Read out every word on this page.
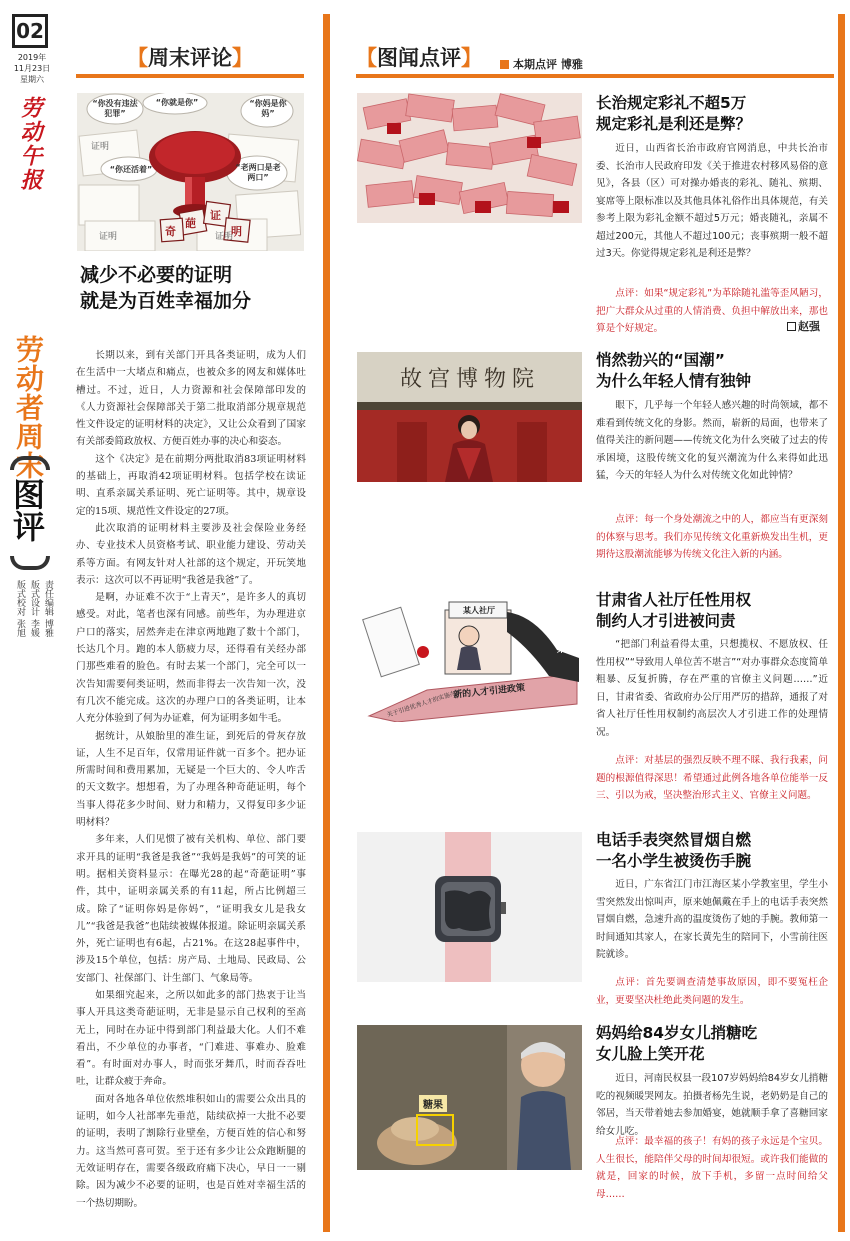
02
2019年
11月23日
星期六
劳动午报
劳动者周末
图评
责任编辑 博雅
版式设计 李媛
版式校对 张旭
【周末评论】
“你没有违法犯罪”
“你就是你”	“你妈是你妈”
“你还活着”	“老两口是老两口”
证明
证明	证明
奇
葩
证
明
减少不必要的证明
就是为百姓幸福加分
赵强

长期以来，到有关部门开具各类证明，成为人们在生活中一大堵点和痛点，也被众多的网友和媒体吐槽过。不过，近日，人力资源和社会保障部印发的《人力资源社会保障部关于第二批取消部分规章规范性文件设定的证明材料的决定》，又让公众看到了国家有关部委简政放权、方便百姓办事的决心和姿态。

这个《决定》是在前期分两批取消83项证明材料的基础上，再取消42项证明材料。包括学校在读证明、直系亲属关系证明、死亡证明等。其中，规章设定的15项、规范性文件设定的27项。

此次取消的证明材料主要涉及社会保险业务经办、专业技术人员资格考试、职业能力建设、劳动关系等方面。有网友针对人社部的这个规定，开玩笑地表示：这次可以不再证明“我爸是我爸”了。

是啊，办证难不次于“上青天”，是许多人的真切感受。对此，笔者也深有同感。前些年，为办理进京户口的落实，居然奔走在津京两地跑了数十个部门，长达几个月。跑的本人筋疲力尽，还得看有关经办部门那些难看的脸色。有时去某一个部门，完全可以一次告知需要何类证明，然而非得去一次告知一次，没有几次不能完成。这次的办理户口的各类证明，让本人充分体验到了何为办证难，何为证明多如牛毛。

据统计，从娘胎里的准生证，到死后的骨灰存放证，人生不足百年，仅常用证件就一百多个。把办证所需时间和费用累加，无疑是一个巨大的、令人咋舌的天文数字。想想看，为了办理各种奇葩证明，每个当事人得花多少时间、财力和精力，又得复印多少证明材料？

多年来，人们见惯了被有关机构、单位、部门要求开具的证明“我爸是我爸”“我妈是我妈”的可笑的证明。据相关资料显示：在曝光28的起“奇葩证明”事件，其中，证明亲属关系的有11起，所占比例超三成。除了“证明你妈是你妈”，“证明我女儿是我女儿”“我爸是我爸”也陆续被媒体报道。除证明亲属关系外，死亡证明也有6起，占21%。在这28起事件中，涉及15个单位，包括：房产局、土地局、民政局、公安部门、社保部门、计生部门、气象局等。

如果细究起来，之所以如此多的部门热衷于让当事人开具这类奇葩证明，无非是显示自己权利的至高无上，同时在办证中得到部门利益最大化。人们不难看出，不少单位的办事者，“门难进、事难办、脸难看”。有时面对办事人，时而张牙舞爪，时而吞吞吐吐，让群众疲于奔命。

面对各地各单位依然堆积如山的需要公众出具的证明，如今人社部率先垂范，陆续砍掉一大批不必要的证明，表明了割除行业壁垒，方便百姓的信心和努力。这当然可喜可贺。至于还有多少让公众跑断腿的无效证明存在，需要各级政府痛下决心，早日一一剔除。因为减少不必要的证明，也是百姓对幸福生活的一个热切期盼。

【图闻点评】	本期点评 博雅
长治规定彩礼不超5万
规定彩礼是利还是弊？
近日，山西省长治市政府官网消息，中共长治市委、长治市人民政府印发《关于推进农村移风易俗的意见》，各县（区）可对操办婚丧的彩礼、随礼、殡期、宴席等上限标准以及其他具体礼俗作出具体规范，有关参考上限为彩礼金额不超过5万元；婚丧随礼，亲属不超过200元，其他人不超过100元；丧事殡期一般不超过3天。你觉得规定彩礼是利还是弊？
点评：如果“规定彩礼”为革除随礼滥等歪风陋习，把广大群众从过重的人情消费、负担中解放出来，那也算是个好规定。
故宫博物院
悄然勃兴的“国潮”
为什么年轻人情有独钟
眼下，几乎每一个年轻人感兴趣的时尚领域，都不难看到传统文化的身影。然而，崭新的局面，也带来了值得关注的新问题——传统文化为什么突破了过去的传承困境，这股传统文化的复兴潮流为什么来得如此迅猛，今天的年轻人为什么对传统文化如此钟情？
点评：每一个身处潮流之中的人，都应当有更深刻的体察与思考。我们亦见传统文化重新焕发出生机，更期待这股潮流能够为传统文化注入新的内涵。
某人社厅
某地
新的人才引进政策
关于引进优秀人才的实施办法
甘肃省人社厅任性用权
制约人才引进被问责
“把部门利益看得太重，只想揽权、不愿放权、任性用权”“导致用人单位苦不堪言”“对办事群众态度简单粗暴、反复折腾，存在严重的官僚主义问题……”近日，甘肃省委、省政府办公厅用严厉的措辞，通报了对省人社厅任性用权制约高层次人才引进工作的处理情况。
点评：对基层的强烈反映不理不睬、我行我素，问题的根源值得深思！希望通过此例各地各单位能举一反三、引以为戒，坚决整治形式主义、官僚主义问题。
电话手表突然冒烟自燃
一名小学生被烫伤手腕
近日，广东省江门市江海区某小学教室里，学生小雪突然发出惊叫声，原来她佩戴在手上的电话手表突然冒烟自燃，急速升高的温度烫伤了她的手腕。教师第一时间通知其家人，在家长黄先生的陪同下，小雪前往医院就诊。
点评：首先要调查清楚事故原因，即不要冤枉企业，更要坚决杜绝此类问题的发生。
糖果
妈妈给84岁女儿捎糖吃
女儿脸上笑开花
近日，河南民权县一段107岁妈妈给84岁女儿捎糖吃的视频暖哭网友。拍摄者杨先生说，老奶奶是自己的邻居，当天带着她去参加婚宴，她就顺手拿了喜糖回家给女儿吃。
点评：最幸福的孩子！有妈的孩子永远是个宝贝。人生很长，能陪伴父母的时间却很短。或许我们能做的就是，回家的时候，放下手机，多留一点时间给父母……
